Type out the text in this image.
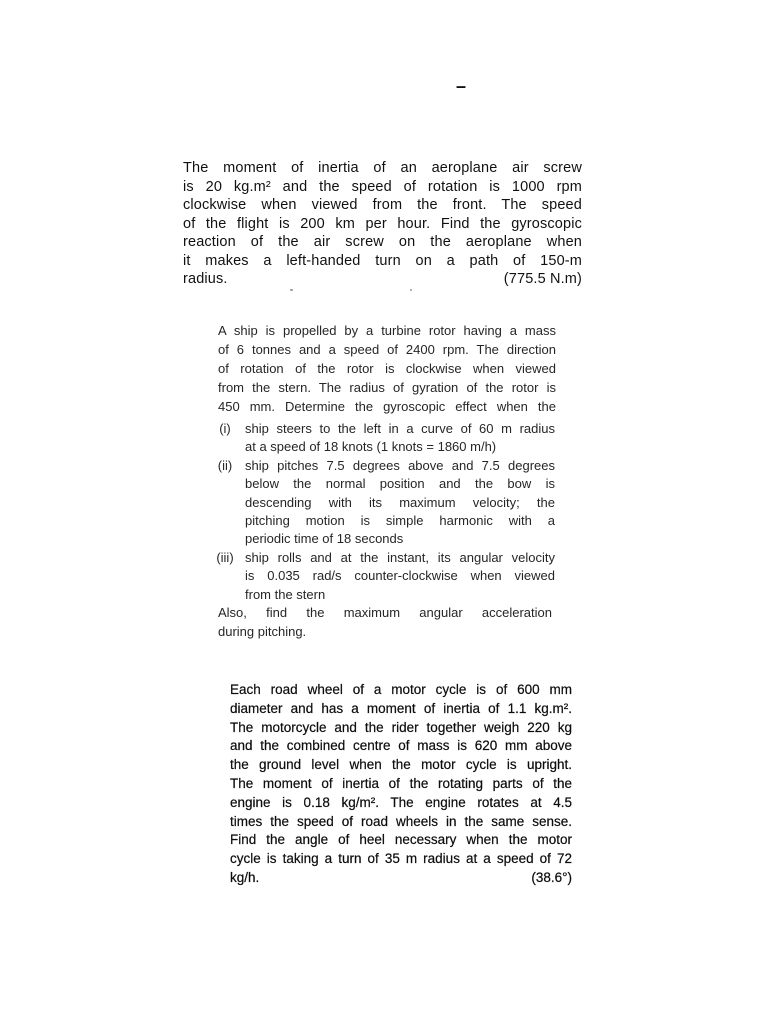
–
The moment of inertia of an aeroplane air screw
is 20 kg.m² and the speed of rotation is 1000 rpm
clockwise when viewed from the front. The speed
of the flight is 200 km per hour. Find the gyroscopic
reaction of the air screw on the aeroplane when
it makes a left-handed turn on a path of 150-m
radius.	(775.5 N.m)
A ship is propelled by a turbine rotor having a mass
of 6 tonnes and a speed of 2400 rpm. The direction
of rotation of the rotor is clockwise when viewed
from the stern. The radius of gyration of the rotor is
450 mm. Determine the gyroscopic effect when the
(i)	ship steers to the left in a curve of 60 m radius
at a speed of 18 knots (1 knots = 1860 m/h)
(ii) ship pitches 7.5 degrees above and 7.5 degrees
below the normal position and the bow is
descending with its maximum velocity; the
pitching motion is simple harmonic with a
periodic time of 18 seconds
(iii) ship rolls and at the instant, its angular velocity
is 0.035 rad/s counter-clockwise when viewed
from the stern
Also, find the maximum angular acceleration
during pitching.
Each road wheel of a motor cycle is of 600 mm
diameter and has a moment of inertia of 1.1 kg.m².
The motorcycle and the rider together weigh 220 kg
and the combined centre of mass is 620 mm above
the ground level when the motor cycle is upright.
The moment of inertia of the rotating parts of the
engine is 0.18 kg/m². The engine rotates at 4.5
times the speed of road wheels in the same sense.
Find the angle of heel necessary when the motor
cycle is taking a turn of 35 m radius at a speed of 72
kg/h.	(38.6°)
